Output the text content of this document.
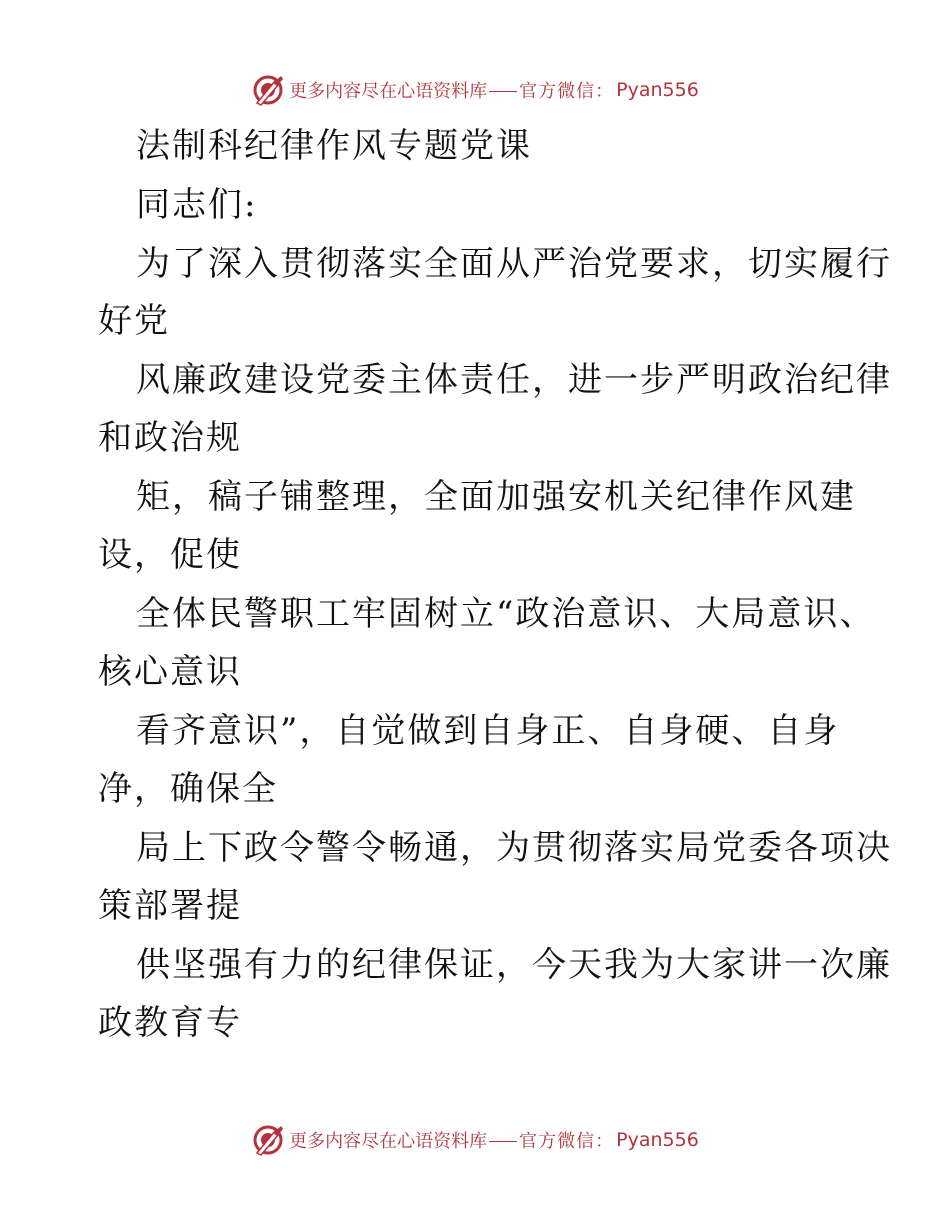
更多内容尽在心语资料库 官方微信： Pyan556
法制科纪律作风专题党课
同志们:
为了深入贯彻落实全面从严治党要求，切实履行
好党
风廉政建设党委主体责任，进一步严明政治纪律
和政治规
矩，稿子铺整理，全面加强安机关纪律作风建
设，促使
全体民警职工牢固树立“政治意识、大局意识、
核心意识
看齐意识”，自觉做到自身正、自身硬、自身
净，确保全
局上下政令警令畅通，为贯彻落实局党委各项决
策部署提
供坚强有力的纪律保证，今天我为大家讲一次廉
政教育专
更多内容尽在心语资料库 官方微信： Pyan556
